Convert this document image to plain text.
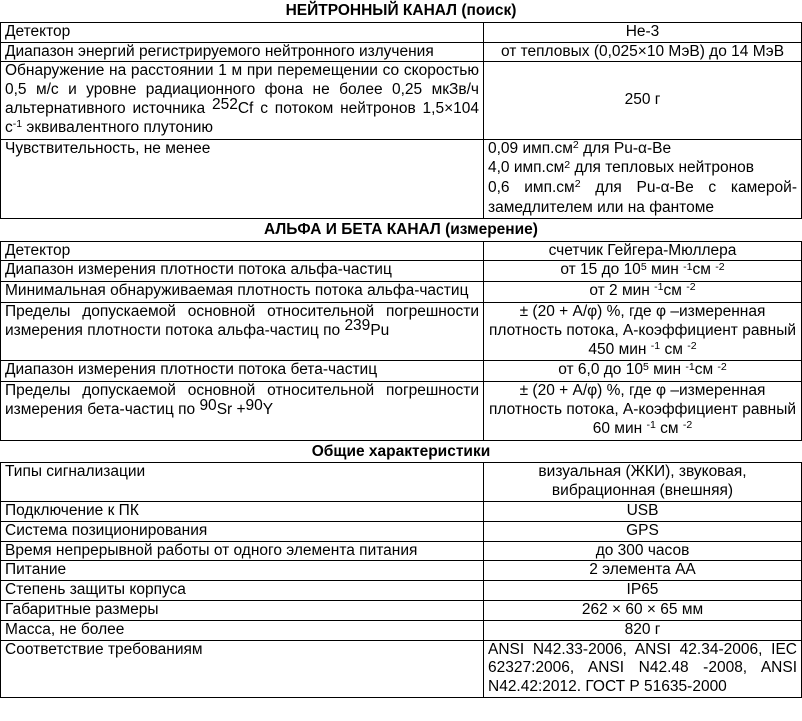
НЕЙТРОННЫЙ КАНАЛ (поиск)
Детектор	He-3
Диапазон энергий регистрируемого нейтронного излучения	от тепловых (0,025×10 МэВ) до 14 МэВ
Обнаружение на расстоянии 1 м при перемещении со скоростью 0,5 м/с и уровне радиационного фона не более 0,25 мкЗв/ч альтернативного источника 252Cf с потоком нейтронов 1,5×104 $с^{-1}$ эквивалентного плутонию	250 г
Чувствительность, не менее	0,09 $имп.см^2$ для Pu-α-Be
4,0 $имп.см^2$ для тепловых нейтронов
0,6 $имп.см^2$ для Pu-α-Be с камерой-замедлителем или на фантоме
АЛЬФА И БЕТА КАНАЛ (измерение)
Детектор	счетчик Гейгера-Мюллера
Диапазон измерения плотности потока альфа-частиц	от 15 до $10^5$ мин $^{-1}$см $^{-2}$
Минимальная обнаруживаемая плотность потока альфа-частиц	от 2 мин $^{-1}$см $^{-2}$
Пределы допускаемой основной относительной погрешности измерения плотности потока альфа-частиц по 239Pu	± (20 + А/φ) %, где φ –измеренная плотность потока, А-коэффициент равный 450 мин $^{-1}$ см $^{-2}$
Диапазон измерения плотности потока бета-частиц	от 6,0 до $10^5$ мин $^{-1}$см $^{-2}$
Пределы допускаемой основной относительной погрешности измерения бета-частиц по 90Sr +90Y	± (20 + А/φ) %, где φ –измеренная плотность потока, А-коэффициент равный 60 мин $^{-1}$ см $^{-2}$
Общие характеристики
Типы сигнализации	визуальная (ЖКИ), звуковая,
вибрационная (внешняя)
Подключение к ПК	USB
Система позиционирования	GPS
Время непрерывной работы от одного элемента питания	до 300 часов
Питание	2 элемента АА
Степень защиты корпуса	IP65
Габаритные размеры	262 × 60 × 65 мм
Масса, не более	820 г
Соответствие требованиям	ANSI N42.33-2006, ANSI 42.34-2006, IEC 62327:2006, ANSI N42.48 -2008, ANSI N42.42:2012. ГОСТ Р 51635-2000
